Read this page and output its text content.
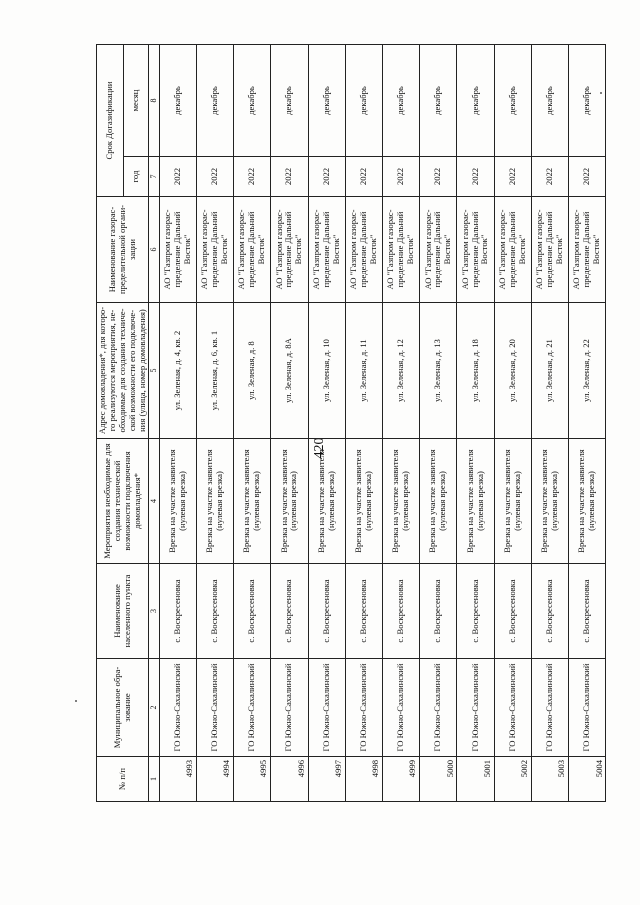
420
№ п/п	Муниципальное обра-зование	Наименование населенного пункта	Мероприятия необходимые для создания технической возможности подключения домовладения*	Адрес домовладения*, для которо-го реализуются мероприятия, не-обходимые для создания техниче-ской возможности его подключе-ния (улица, номер домовладения)	Наименование газорас-пределительной органи-зации	Срок Догазификации	
						год	месяц
1	2	3	4	5	6	7	8
4993	ГО Южно-Сахалинский	с. Воскресеновка	Врезка на участке заявителя (нулевая врезка)	ул. Зеленая, д. 4, кв. 2	АО "Газпром газорас-пределение Дальний Восток"	2022	декабрь
4994	ГО Южно-Сахалинский	с. Воскресеновка	Врезка на участке заявителя (нулевая врезка)	ул. Зеленая, д. 6, кв. 1	АО "Газпром газорас-пределение Дальний Восток"	2022	декабрь
4995	ГО Южно-Сахалинский	с. Воскресеновка	Врезка на участке заявителя (нулевая врезка)	ул. Зеленая, д. 8	АО "Газпром газорас-пределение Дальний Восток"	2022	декабрь
4996	ГО Южно-Сахалинский	с. Воскресеновка	Врезка на участке заявителя (нулевая врезка)	ул. Зеленая, д. 8А	АО "Газпром газорас-пределение Дальний Восток"	2022	декабрь
4997	ГО Южно-Сахалинский	с. Воскресеновка	Врезка на участке заявителя (нулевая врезка)	ул. Зеленая, д. 10	АО "Газпром газорас-пределение Дальний Восток"	2022	декабрь
4998	ГО Южно-Сахалинский	с. Воскресеновка	Врезка на участке заявителя (нулевая врезка)	ул. Зеленая, д. 11	АО "Газпром газорас-пределение Дальний Восток"	2022	декабрь
4999	ГО Южно-Сахалинский	с. Воскресеновка	Врезка на участке заявителя (нулевая врезка)	ул. Зеленая, д. 12	АО "Газпром газорас-пределение Дальний Восток"	2022	декабрь
5000	ГО Южно-Сахалинский	с. Воскресеновка	Врезка на участке заявителя (нулевая врезка)	ул. Зеленая, д. 13	АО "Газпром газорас-пределение Дальний Восток"	2022	декабрь
5001	ГО Южно-Сахалинский	с. Воскресеновка	Врезка на участке заявителя (нулевая врезка)	ул. Зеленая, д. 18	АО "Газпром газорас-пределение Дальний Восток"	2022	декабрь
5002	ГО Южно-Сахалинский	с. Воскресеновка	Врезка на участке заявителя (нулевая врезка)	ул. Зеленая, д. 20	АО "Газпром газорас-пределение Дальний Восток"	2022	декабрь
5003	ГО Южно-Сахалинский	с. Воскресеновка	Врезка на участке заявителя (нулевая врезка)	ул. Зеленая, д. 21	АО "Газпром газорас-пределение Дальний Восток"	2022	декабрь
5004	ГО Южно-Сахалинский	с. Воскресеновка	Врезка на участке заявителя (нулевая врезка)	ул. Зеленая, д. 22	АО "Газпром газорас-пределение Дальний Восток"	2022	декабрь
